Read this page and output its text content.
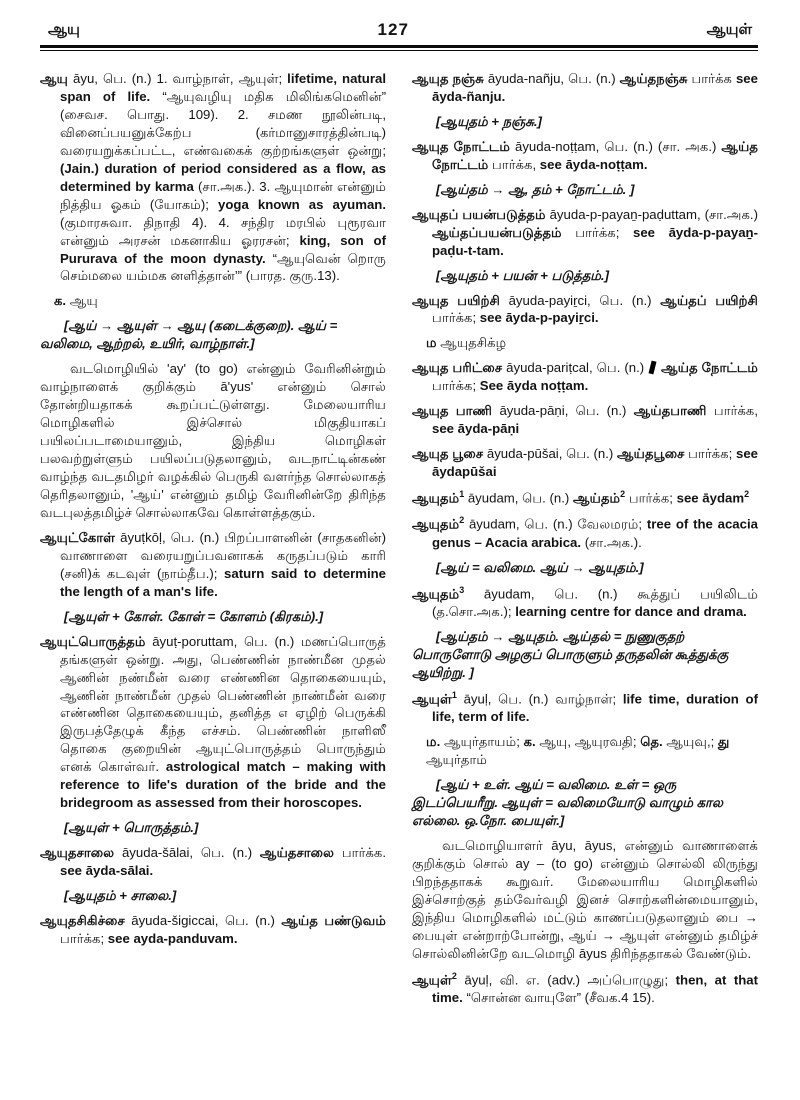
ஆயு	127	ஆயுள்
ஆயு āyu, பெ. (n.) 1. வாழ்நாள், ஆயுள்; lifetime, natural span of life. “ஆயுவழியு மதிக மிலிங்கமெனின்” (சைவச. பொது. 109). 2. சமண நூலின்படி, வினைப்பயனுக்கேற்ப (கர்மானுசாரத்தின்படி) வரையறுக்கப்பட்ட, எண்வகைக் குற்றங்களுள் ஒன்று; (Jain.) duration of period considered as a flow, as determined by karma (சா.அக.). 3. ஆயுமான் என்னும் நித்திய ஓகம் (யோகம்); yoga known as ayuman. (குமாரசுவா. திநாதி 4). 4. சந்திர மரபில் புரூரவா என்னும் அரசன் மகனாகிய ஓரரசன்; king, son of Pururava of the moon dynasty. “ஆயுவென் றொரு செம்மலை யம்மக னளித்தான்’” (பாரத. குரு.13).
க. ஆயு
[ஆய் → ஆயுள் → ஆயு (கடைக்குறை). ஆய் = வலிமை, ஆற்றல், உயிர், வாழ்நாள்.]
வடமொழியில் 'ay' (to go) என்னும் வேரினின்றும் வாழ்நாளைக் குறிக்கும் ā'yus' என்னும் சொல் தோன்றியதாகக் கூறப்பட்டுள்ளது. மேலையாரிய மொழிகளில் இச்சொல் மிகுதியாகப் பயிலப்படாமையானும், இந்திய மொழிகள் பலவற்றுள்ளும் பயிலப்படுதலானும், வடநாட்டின்கண் வாழ்ந்த வடதமிழர் வழக்கில் பெருகி வளர்ந்த சொல்லாகத் தெரிதலானும், 'ஆய்' என்னும் தமிழ் வேரினின்றே திரிந்த வடபுலத்தமிழ்ச் சொல்லாகவே கொள்ளத்தகும்.
ஆயுட்கோள் āyuṭkōḷ, பெ. (n.) பிறப்பாளனின் (சாதகனின்) வாணாளை வரையறுப்பவனாகக் கருதப்படும் காரி (சனி)க் கடவுள் (நாம்தீப.); saturn said to determine the length of a man's life.
[ஆயுள் + கோள். கோள் = கோளம் (கிரகம்).]
ஆயுட்பொருத்தம் āyuṭ-poruttam, பெ. (n.) மணப்பொருத் தங்களுள் ஒன்று. அது, பெண்ணின் நாண்மீன முதல் ஆணின் நண்மீன் வரை எண்ணின தொகையையும், ஆணின் நாண்மீன் முதல் பெண்ணின் நாண்மீன் வரை எண்ணின தொகையையும், தனித்த ௭ ஏழிற் பெருக்கி இருபத்தேழுக் கீந்த எச்சம். பெண்ணின் நாளிஸீ தொகை குறையின் ஆயுட்பொருத்தம் பொருந்தும் எனக் கொள்வர். astrological match – making with reference to life's duration of the bride and the bridegroom as assessed from their horoscopes.
[ஆயுள் + பொருத்தம்.]
ஆயுதசாலை āyuda-šālai, பெ. (n.) ஆய்தசாலை பார்க்க. see āyda-sālai.
[ஆயுதம் + சாலை.]
ஆயுதசிகிச்சை āyuda-šigiccai, பெ. (n.) ஆய்த பண்டுவம் பார்க்க; see ayda-panduvam.
ஆயுத நஞ்சு āyuda-nañju, பெ. (n.) ஆய்தநஞ்சு பார்க்க see āyda-ñanju.
[ஆயுதம் + நஞ்சு.]
ஆயுத நோட்டம் āyuda-noṭṭam, பெ. (n.) (சா. அக.) ஆய்த நோட்டம் பார்க்க, see āyda-noṭṭam.
[ஆய்தம் → ஆ, தம் + நோட்டம். ]
ஆயுதப் பயன்படுத்தம் āyuda-p-payaṉ-paḍuttam, (சா.அக.) ஆய்தப்பயன்படுத்தம் பார்க்க; see āyda-p-payaṉ-paḍu-t-tam.
[ஆயுதம் + பயன் + படுத்தம்.]
ஆயுத பயிற்சி āyuda-payiṟci, பெ. (n.) ஆய்தப் பயிற்சி பார்க்க; see āyda-p-payiṟci.
ம ஆயுதசிக்ழ
ஆயுத பரிட்சை āyuda-pariṭcal, பெ. (n.) ஆய்த நோட்டம் பார்க்க; See āyda noṭṭam.
ஆயுத பாணி āyuda-pāṇi, பெ. (n.) ஆய்தபாணி பார்க்க, see āyda-pāṇi
ஆயுத பூசை āyuda-pūšai, பெ. (n.) ஆய்தபூசை பார்க்க; see āydapūšai
ஆயுதம்$^1$ āyudam, பெ. (n.) ஆய்தம்$^2$ பார்க்க; see āydam$^2$
ஆயுதம்$^2$ āyudam, பெ. (n.) வேலமரம்; tree of the acacia genus – Acacia arabica. (சா.அக.).
[ஆய் = வலிமை. ஆய் → ஆயுதம்.]
ஆயுதம்$^3$ āyudam, பெ. (n.) கூத்துப் பயிலிடம் (த.சொ.அக.); learning centre for dance and drama.
[ஆய்தம் → ஆயுதம். ஆய்தல் = நுணுகுதற் பொருளோடு அழகுப் பொருளும் தருதலின் கூத்துக்கு ஆயிற்று. ]
ஆயுள்$^1$ āyuḷ, பெ. (n.) வாழ்நாள்; life time, duration of life, term of life.
ம. ஆயுர்தாயம்; க. ஆயு, ஆயுரவதி; தெ. ஆயுவு,; து ஆயுர்தாம்
[ஆய் + உள். ஆய் = வலிமை. உள் = ஒரு இடப்பெயரீறு. ஆயுள் = வலிமையோடு வாழும் கால எல்லை. ஒ.நோ. பையுள்.]
வடமொழியாளர் āyu, āyus, என்னும் வாணாளைக் குறிக்கும் சொல் ay – (to go) என்னும் சொல்லி லிருந்து பிறந்ததாகக் கூறுவர். மேலையாரிய மொழிகளில் இச்சொற்குத் தம்வேர்வழி இனச் சொற்களின்மையானும், இந்திய மொழிகளில் மட்டும் காணப்படுதலானும் பை → பையுள் என்றாற்போன்று, ஆய் → ஆயுள் என்னும் தமிழ்ச் சொல்லினின்றே வடமொழி āyus திரிந்ததாகல் வேண்டும்.
ஆயுள்$^2$ āyuḷ, வி. எ. (adv.) அப்பொழுது; then, at that time. “சொன்ன வாயுளே” (சீவக.4 15).
